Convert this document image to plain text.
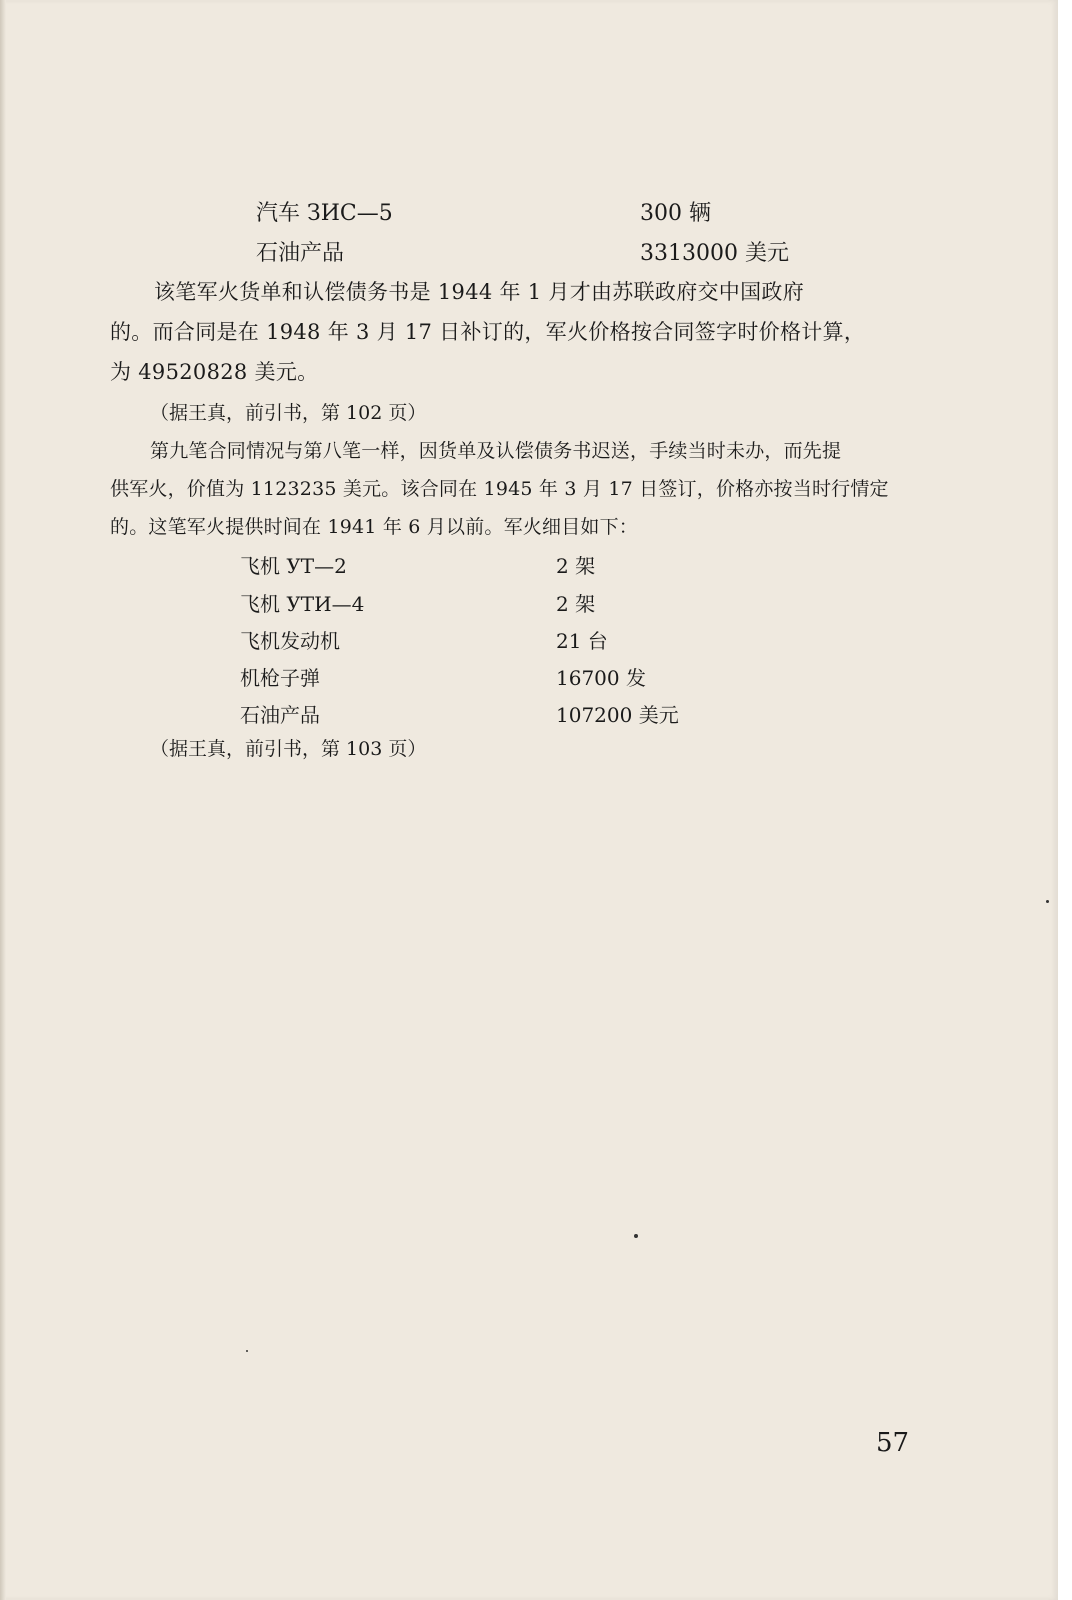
汽车 ЗИС—5	300 辆
石油产品	3313000 美元
该笔军火货单和认偿债务书是 1944 年 1 月才由苏联政府交中国政府
的。而合同是在 1948 年 3 月 17 日补订的，军火价格按合同签字时价格计算，
为 49520828 美元。
（据王真，前引书，第 102 页）
第九笔合同情况与第八笔一样，因货单及认偿债务书迟送，手续当时未办，而先提
供军火，价值为 1123235 美元。该合同在 1945 年 3 月 17 日签订，价格亦按当时行情定
的。这笔军火提供时间在 1941 年 6 月以前。军火细目如下：
飞机 УТ—2	2 架
飞机 УТИ—4	2 架
飞机发动机	21 台
机枪子弹	16700 发
石油产品	107200 美元
（据王真，前引书，第 103 页）
57
